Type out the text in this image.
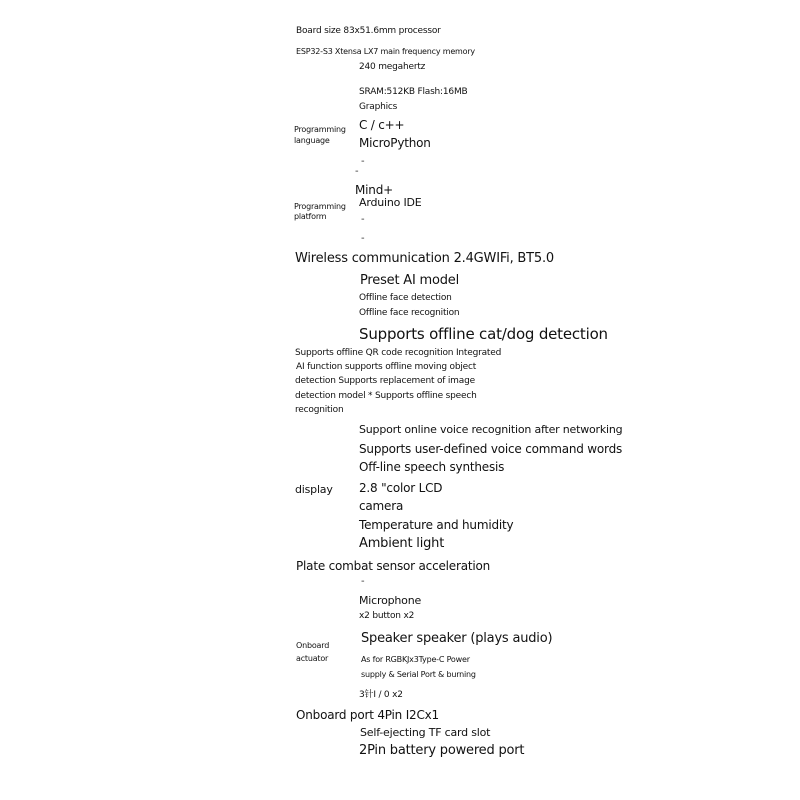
Board size 83x51.6mm processor
ESP32-S3 Xtensa LX7 main frequency memory
240 megahertz
SRAM:512KB Flash:16MB
Graphics
Programming
language
C / c++
MicroPython
-
-
Mind+
Programming
platform
Arduino IDE
-
-
Wireless communication 2.4GWIFi, BT5.0
Preset AI model
Offline face detection
Offline face recognition
Supports offline cat/dog detection
Supports offline QR code recognition Integrated
AI function supports offline moving object
detection Supports replacement of image
detection model * Supports offline speech
recognition
Support online voice recognition after networking
Supports user-defined voice command words
Off-line speech synthesis
display 2.8 "color LCD
camera
Temperature and humidity
Ambient light
Plate combat sensor acceleration
-
Microphone
x2 button x2
Onboard
actuator
Speaker speaker (plays audio)
As for RGBKJx3Type-C Power
supply & Serial Port & burning
3针I / 0 x2
Onboard port 4Pin I2Cx1
Self-ejecting TF card slot
2Pin battery powered port
